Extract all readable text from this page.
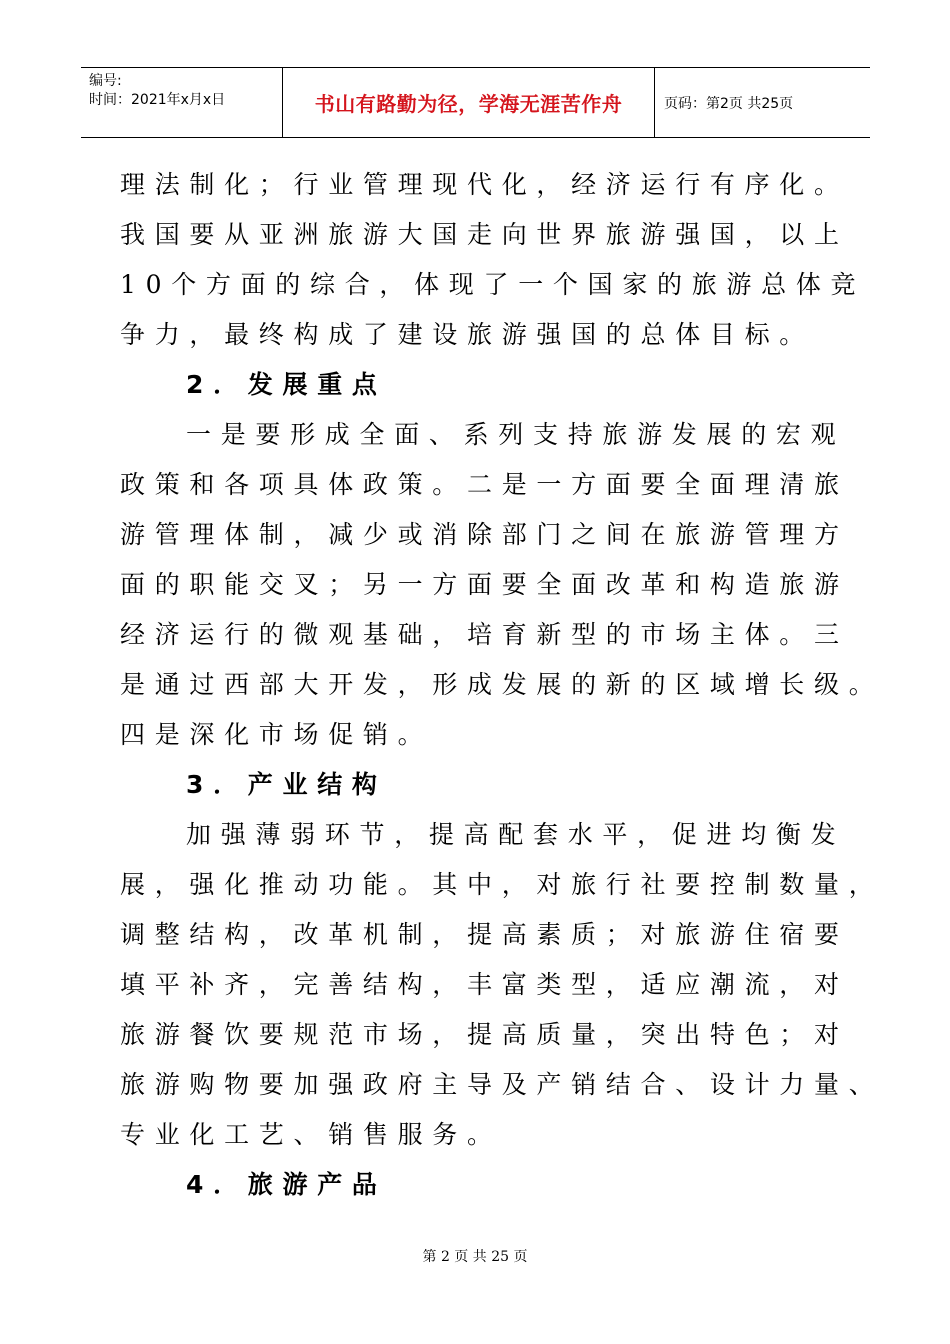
编号:
时间：2021年x月x日	书山有路勤为径，学海无涯苦作舟	页码：第2页 共25页
理法制化；行业管理现代化，经济运行有序化。
我国要从亚洲旅游大国走向世界旅游强国，以上
10个方面的综合，体现了一个国家的旅游总体竞
争力，最终构成了建设旅游强国的总体目标。
2．发展重点
一是要形成全面、系列支持旅游发展的宏观
政策和各项具体政策。二是一方面要全面理清旅
游管理体制，减少或消除部门之间在旅游管理方
面的职能交叉；另一方面要全面改革和构造旅游
经济运行的微观基础，培育新型的市场主体。三
是通过西部大开发，形成发展的新的区域增长级。
四是深化市场促销。
3．产业结构
加强薄弱环节，提高配套水平，促进均衡发
展，强化推动功能。其中，对旅行社要控制数量，
调整结构，改革机制，提高素质；对旅游住宿要
填平补齐，完善结构，丰富类型，适应潮流，对
旅游餐饮要规范市场，提高质量，突出特色；对
旅游购物要加强政府主导及产销结合、设计力量、
专业化工艺、销售服务。
4．旅游产品
第 2 页 共 25 页
